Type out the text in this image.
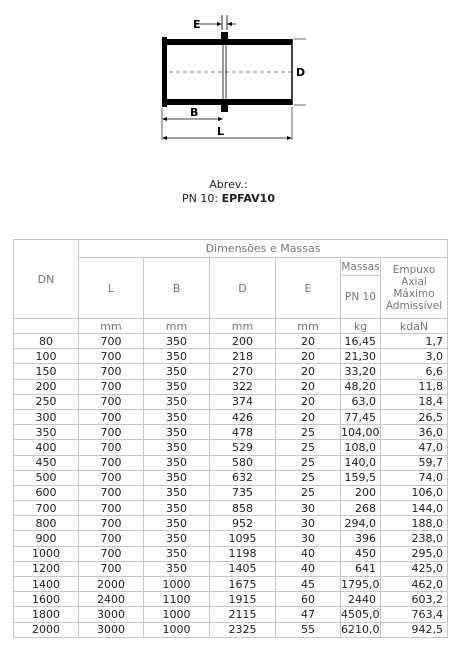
E
D
B
L
Abrev.:
PN 10: EPFAV10
DN	Dimensões e Massas					
	L	B	D	E	Massas	Empuxo Axial Máximo Admissível
					PN 10	
	mm	mm	mm	mm	kg	kdaN
80	700	350	200	20	16,45	1,7
100	700	350	218	20	21,30	3,0
150	700	350	270	20	33,20	6,6
200	700	350	322	20	48,20	11,8
250	700	350	374	20	63,0	18,4
300	700	350	426	20	77,45	26,5
350	700	350	478	25	104,00	36,0
400	700	350	529	25	108,0	47,0
450	700	350	580	25	140,0	59,7
500	700	350	632	25	159,5	74,0
600	700	350	735	25	200	106,0
700	700	350	858	30	268	144,0
800	700	350	952	30	294,0	188,0
900	700	350	1095	30	396	238,0
1000	700	350	1198	40	450	295,0
1200	700	350	1405	40	641	425,0
1400	2000	1000	1675	45	1795,0	462,0
1600	2400	1100	1915	60	2440	603,2
1800	3000	1000	2115	47	4505,0	763,4
2000	3000	1000	2325	55	6210,0	942,5
